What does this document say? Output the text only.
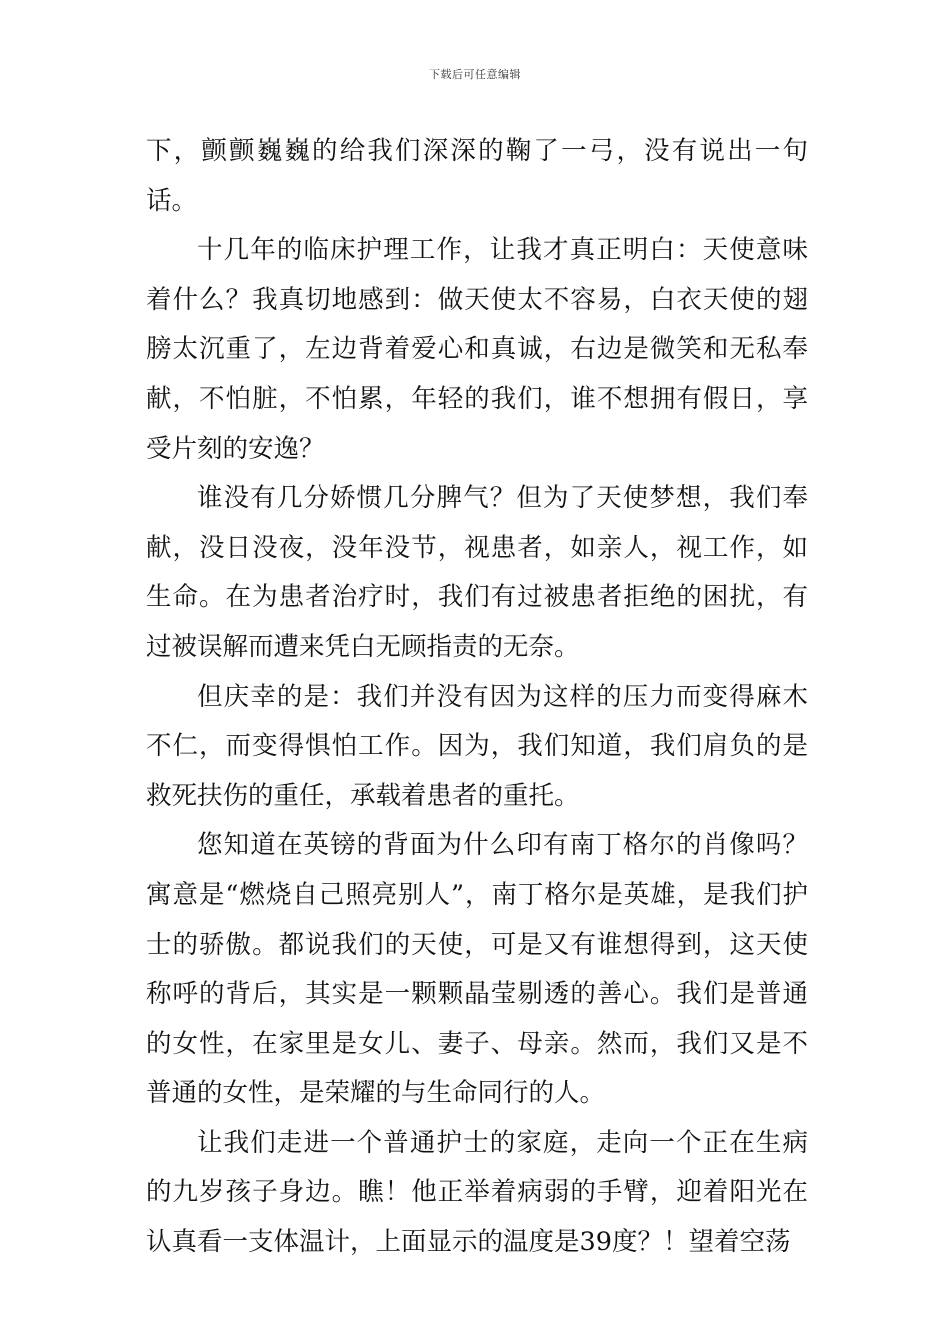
下载后可任意编辑

下，颤颤巍巍的给我们深深的鞠了一弓，没有说出一句话。

十几年的临床护理工作，让我才真正明白：天使意味着什么？我真切地感到：做天使太不容易，白衣天使的翅膀太沉重了，左边背着爱心和真诚，右边是微笑和无私奉献，不怕脏，不怕累，年轻的我们，谁不想拥有假日，享受片刻的安逸？

谁没有几分娇惯几分脾气？但为了天使梦想，我们奉献，没日没夜，没年没节，视患者，如亲人，视工作，如生命。在为患者治疗时，我们有过被患者拒绝的困扰，有过被误解而遭来凭白无顾指责的无奈。

但庆幸的是：我们并没有因为这样的压力而变得麻木不仁，而变得惧怕工作。因为，我们知道，我们肩负的是救死扶伤的重任，承载着患者的重托。

您知道在英镑的背面为什么印有南丁格尔的肖像吗？寓意是“燃烧自己照亮别人”，南丁格尔是英雄，是我们护士的骄傲。都说我们的天使，可是又有谁想得到，这天使称呼的背后，其实是一颗颗晶莹剔透的善心。我们是普通的女性，在家里是女儿、妻子、母亲。然而，我们又是不普通的女性，是荣耀的与生命同行的人。

让我们走进一个普通护士的家庭，走向一个正在生病的九岁孩子身边。瞧！他正举着病弱的手臂，迎着阳光在认真看一支体温计，上面显示的温度是39度？！望着空荡
